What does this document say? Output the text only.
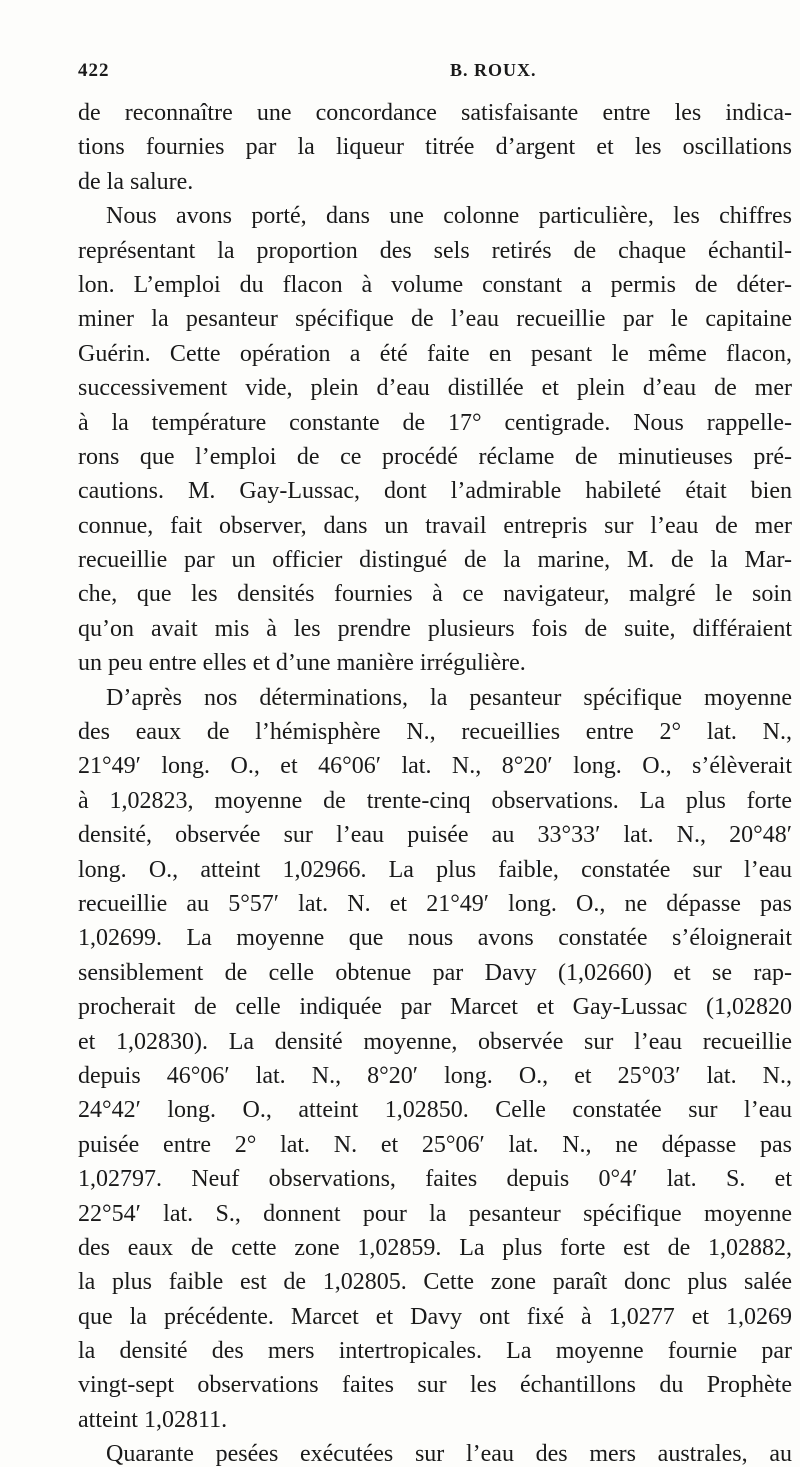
422	B. ROUX.
de reconnaître une concordance satisfaisante entre les indica-
tions fournies par la liqueur titrée d’argent et les oscillations
de la salure.
Nous avons porté, dans une colonne particulière, les chiffres
représentant la proportion des sels retirés de chaque échantil-
lon. L’emploi du flacon à volume constant a permis de déter-
miner la pesanteur spécifique de l’eau recueillie par le capitaine
Guérin. Cette opération a été faite en pesant le même flacon,
successivement vide, plein d’eau distillée et plein d’eau de mer
à la température constante de 17° centigrade. Nous rappelle-
rons que l’emploi de ce procédé réclame de minutieuses pré-
cautions. M. Gay-Lussac, dont l’admirable habileté était bien
connue, fait observer, dans un travail entrepris sur l’eau de mer
recueillie par un officier distingué de la marine, M. de la Mar-
che, que les densités fournies à ce navigateur, malgré le soin
qu’on avait mis à les prendre plusieurs fois de suite, différaient
un peu entre elles et d’une manière irrégulière.
D’après nos déterminations, la pesanteur spécifique moyenne
des eaux de l’hémisphère N., recueillies entre 2° lat. N.,
21°49′ long. O., et 46°06′ lat. N., 8°20′ long. O., s’élèverait
à 1,02823, moyenne de trente-cinq observations. La plus forte
densité, observée sur l’eau puisée au 33°33′ lat. N., 20°48′
long. O., atteint 1,02966. La plus faible, constatée sur l’eau
recueillie au 5°57′ lat. N. et 21°49′ long. O., ne dépasse pas
1,02699. La moyenne que nous avons constatée s’éloignerait
sensiblement de celle obtenue par Davy (1,02660) et se rap-
procherait de celle indiquée par Marcet et Gay-Lussac (1,02820
et 1,02830). La densité moyenne, observée sur l’eau recueillie
depuis 46°06′ lat. N., 8°20′ long. O., et 25°03′ lat. N.,
24°42′ long. O., atteint 1,02850. Celle constatée sur l’eau
puisée entre 2° lat. N. et 25°06′ lat. N., ne dépasse pas
1,02797. Neuf observations, faites depuis 0°4′ lat. S. et
22°54′ lat. S., donnent pour la pesanteur spécifique moyenne
des eaux de cette zone 1,02859. La plus forte est de 1,02882,
la plus faible est de 1,02805. Cette zone paraît donc plus salée
que la précédente. Marcet et Davy ont fixé à 1,0277 et 1,0269
la densité des mers intertropicales. La moyenne fournie par
vingt-sept observations faites sur les échantillons du Prophète
atteint 1,02811.
Quarante pesées exécutées sur l’eau des mers australes, au
